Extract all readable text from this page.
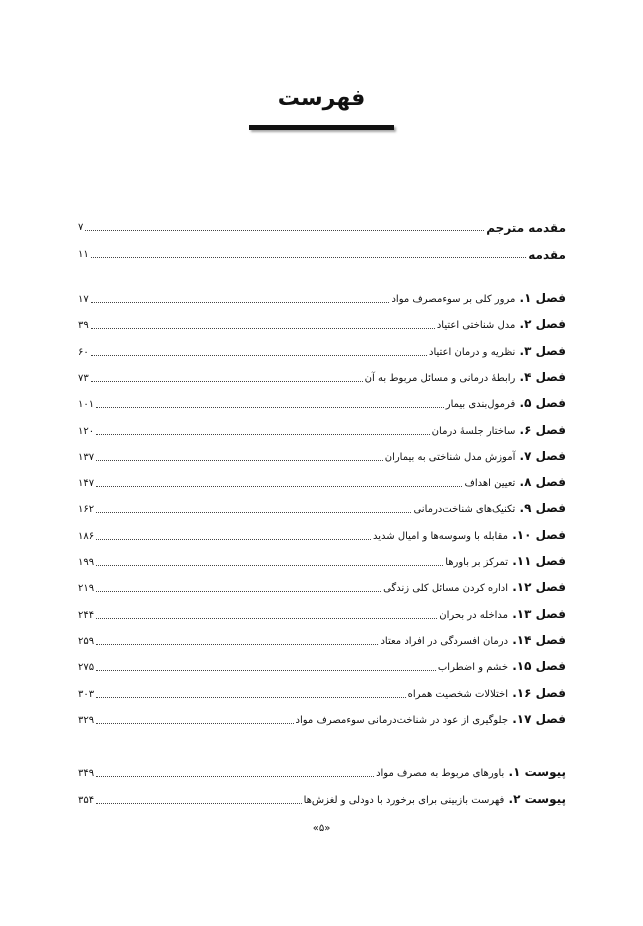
فهرست
مقدمه مترجم
۷
مقدمه
۱۱
فصل ۱. مرور کلی بر سوءمصرف مواد
۱۷
فصل ۲. مدل شناختی اعتیاد
۳۹
فصل ۳. نظریه و درمان اعتیاد
۶۰
فصل ۴. رابطهٔ درمانی و مسائل مربوط به آن
۷۳
فصل ۵. فرمول‌بندی بیمار
۱۰۱
فصل ۶. ساختار جلسهٔ درمان
۱۲۰
فصل ۷. آموزش مدل شناختی به بیماران
۱۳۷
فصل ۸. تعیین اهداف
۱۴۷
فصل ۹. تکنیک‌های شناخت‌درمانی
۱۶۲
فصل ۱۰. مقابله با وسوسه‌ها و امیال شدید
۱۸۶
فصل ۱۱. تمرکز بر باورها
۱۹۹
فصل ۱۲. اداره کردن مسائل کلی زندگی
۲۱۹
فصل ۱۳. مداخله در بحران
۲۴۴
فصل ۱۴. درمان افسردگی در افراد معتاد
۲۵۹
فصل ۱۵. خشم و اضطراب
۲۷۵
فصل ۱۶. اختلالات شخصیت همراه
۳۰۳
فصل ۱۷. جلوگیری از عود در شناخت‌درمانی سوءمصرف مواد
۳۲۹
پیوست ۱. باورهای مربوط به مصرف مواد
۳۴۹
پیوست ۲. فهرست بازبینی برای برخورد با دودلی و لغزش‌ها
۳۵۴
«۵»
